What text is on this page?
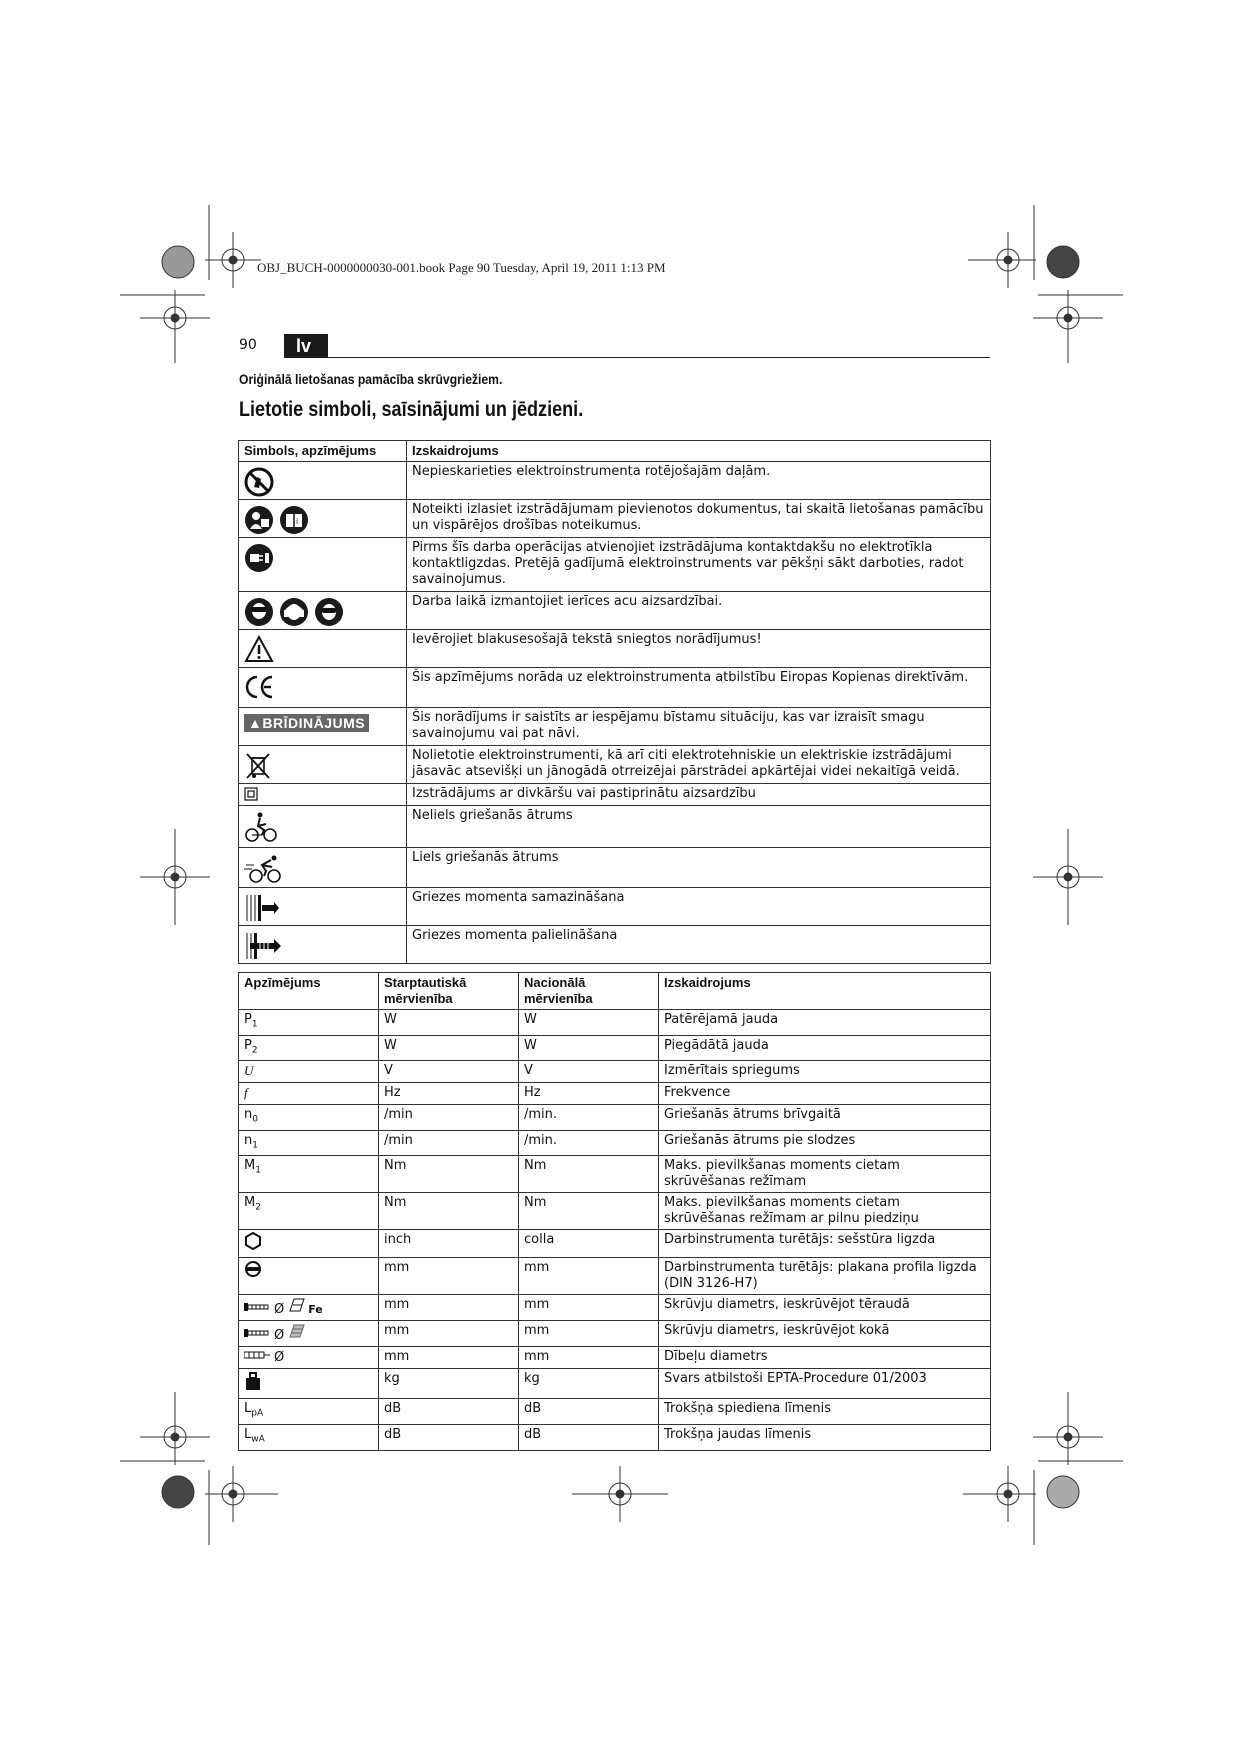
OBJ_BUCH-0000000030-001.book Page 90 Tuesday, April 19, 2011 1:13 PM
90	lv
Oriģinālā lietošanas pamācība skrūvgriežiem.
Lietotie simboli, saīsinājumi un jēdzieni.
Simbols, apzīmējums	Izskaidrojums

	Nepieskarieties elektroinstrumenta rotējošajām daļām.

i	Noteikti izlasiet izstrādājumam pievienotos dokumentus, tai skaitā lietošanas pamācību un vispārējos drošības noteikumus.

	Pirms šīs darba operācijas atvienojiet izstrādājuma kontaktdakšu no elektrotīkla kontaktligzdas. Pretējā gadījumā elektroinstruments var pēkšņi sākt darboties, radot savainojumus.

	Darba laikā izmantojiet ierīces acu aizsardzībai.

	Ievērojiet blakusesošajā tekstā sniegtos norādījumus!

	Šis apzīmējums norāda uz elektroinstrumenta atbilstību Eiropas Kopienas direktīvām.
▲BRĪDINĀJUMS	Šis norādījums ir saistīts ar iespējamu bīstamu situāciju, kas var izraisīt smagu savainojumu vai pat nāvi.

	Nolietotie elektroinstrumenti, kā arī citi elektrotehniskie un elektriskie izstrādājumi jāsavāc atsevišķi un jānogādā otrreizējai pārstrādei apkārtējai videi nekaitīgā veidā.

	Izstrādājums ar divkāršu vai pastiprinātu aizsardzību

	Neliels griešanās ātrums

	Liels griešanās ātrums

	Griezes momenta samazināšana

	Griezes momenta palielināšana
Apzīmējums	Starptautiskā mērvienība	Nacionālā mērvienība	Izskaidrojums
$P_1$	W	W	Patērējamā jauda
$P_2$	W	W	Piegādātā jauda
U	V	V	Izmērītais spriegums
f	Hz	Hz	Frekvence
$n_0$	/min	/min.	Griešanās ātrums brīvgaitā
$n_1$	/min	/min.	Griešanās ātrums pie slodzes
$M_1$	Nm	Nm	Maks. pievilkšanas moments cietam skrūvēšanas režīmam
$M_2$	Nm	Nm	Maks. pievilkšanas moments cietam skrūvēšanas režīmam ar pilnu piedziņu
	inch	colla	Darbinstrumenta turētājs: sešstūra ligzda
	mm	mm	Darbinstrumenta turētājs: plakana profila ligzda (DIN 3126-H7)
Ø Fe	mm	mm	Skrūvju diametrs, ieskrūvējot tēraudā
Ø	mm	mm	Skrūvju diametrs, ieskrūvējot kokā
Ø	mm	mm	Dībeļu diametrs
	kg	kg	Svars atbilstoši EPTA-Procedure 01/2003
$L_{pA}$	dB	dB	Trokšņa spiediena līmenis
$L_{wA}$	dB	dB	Trokšņa jaudas līmenis
